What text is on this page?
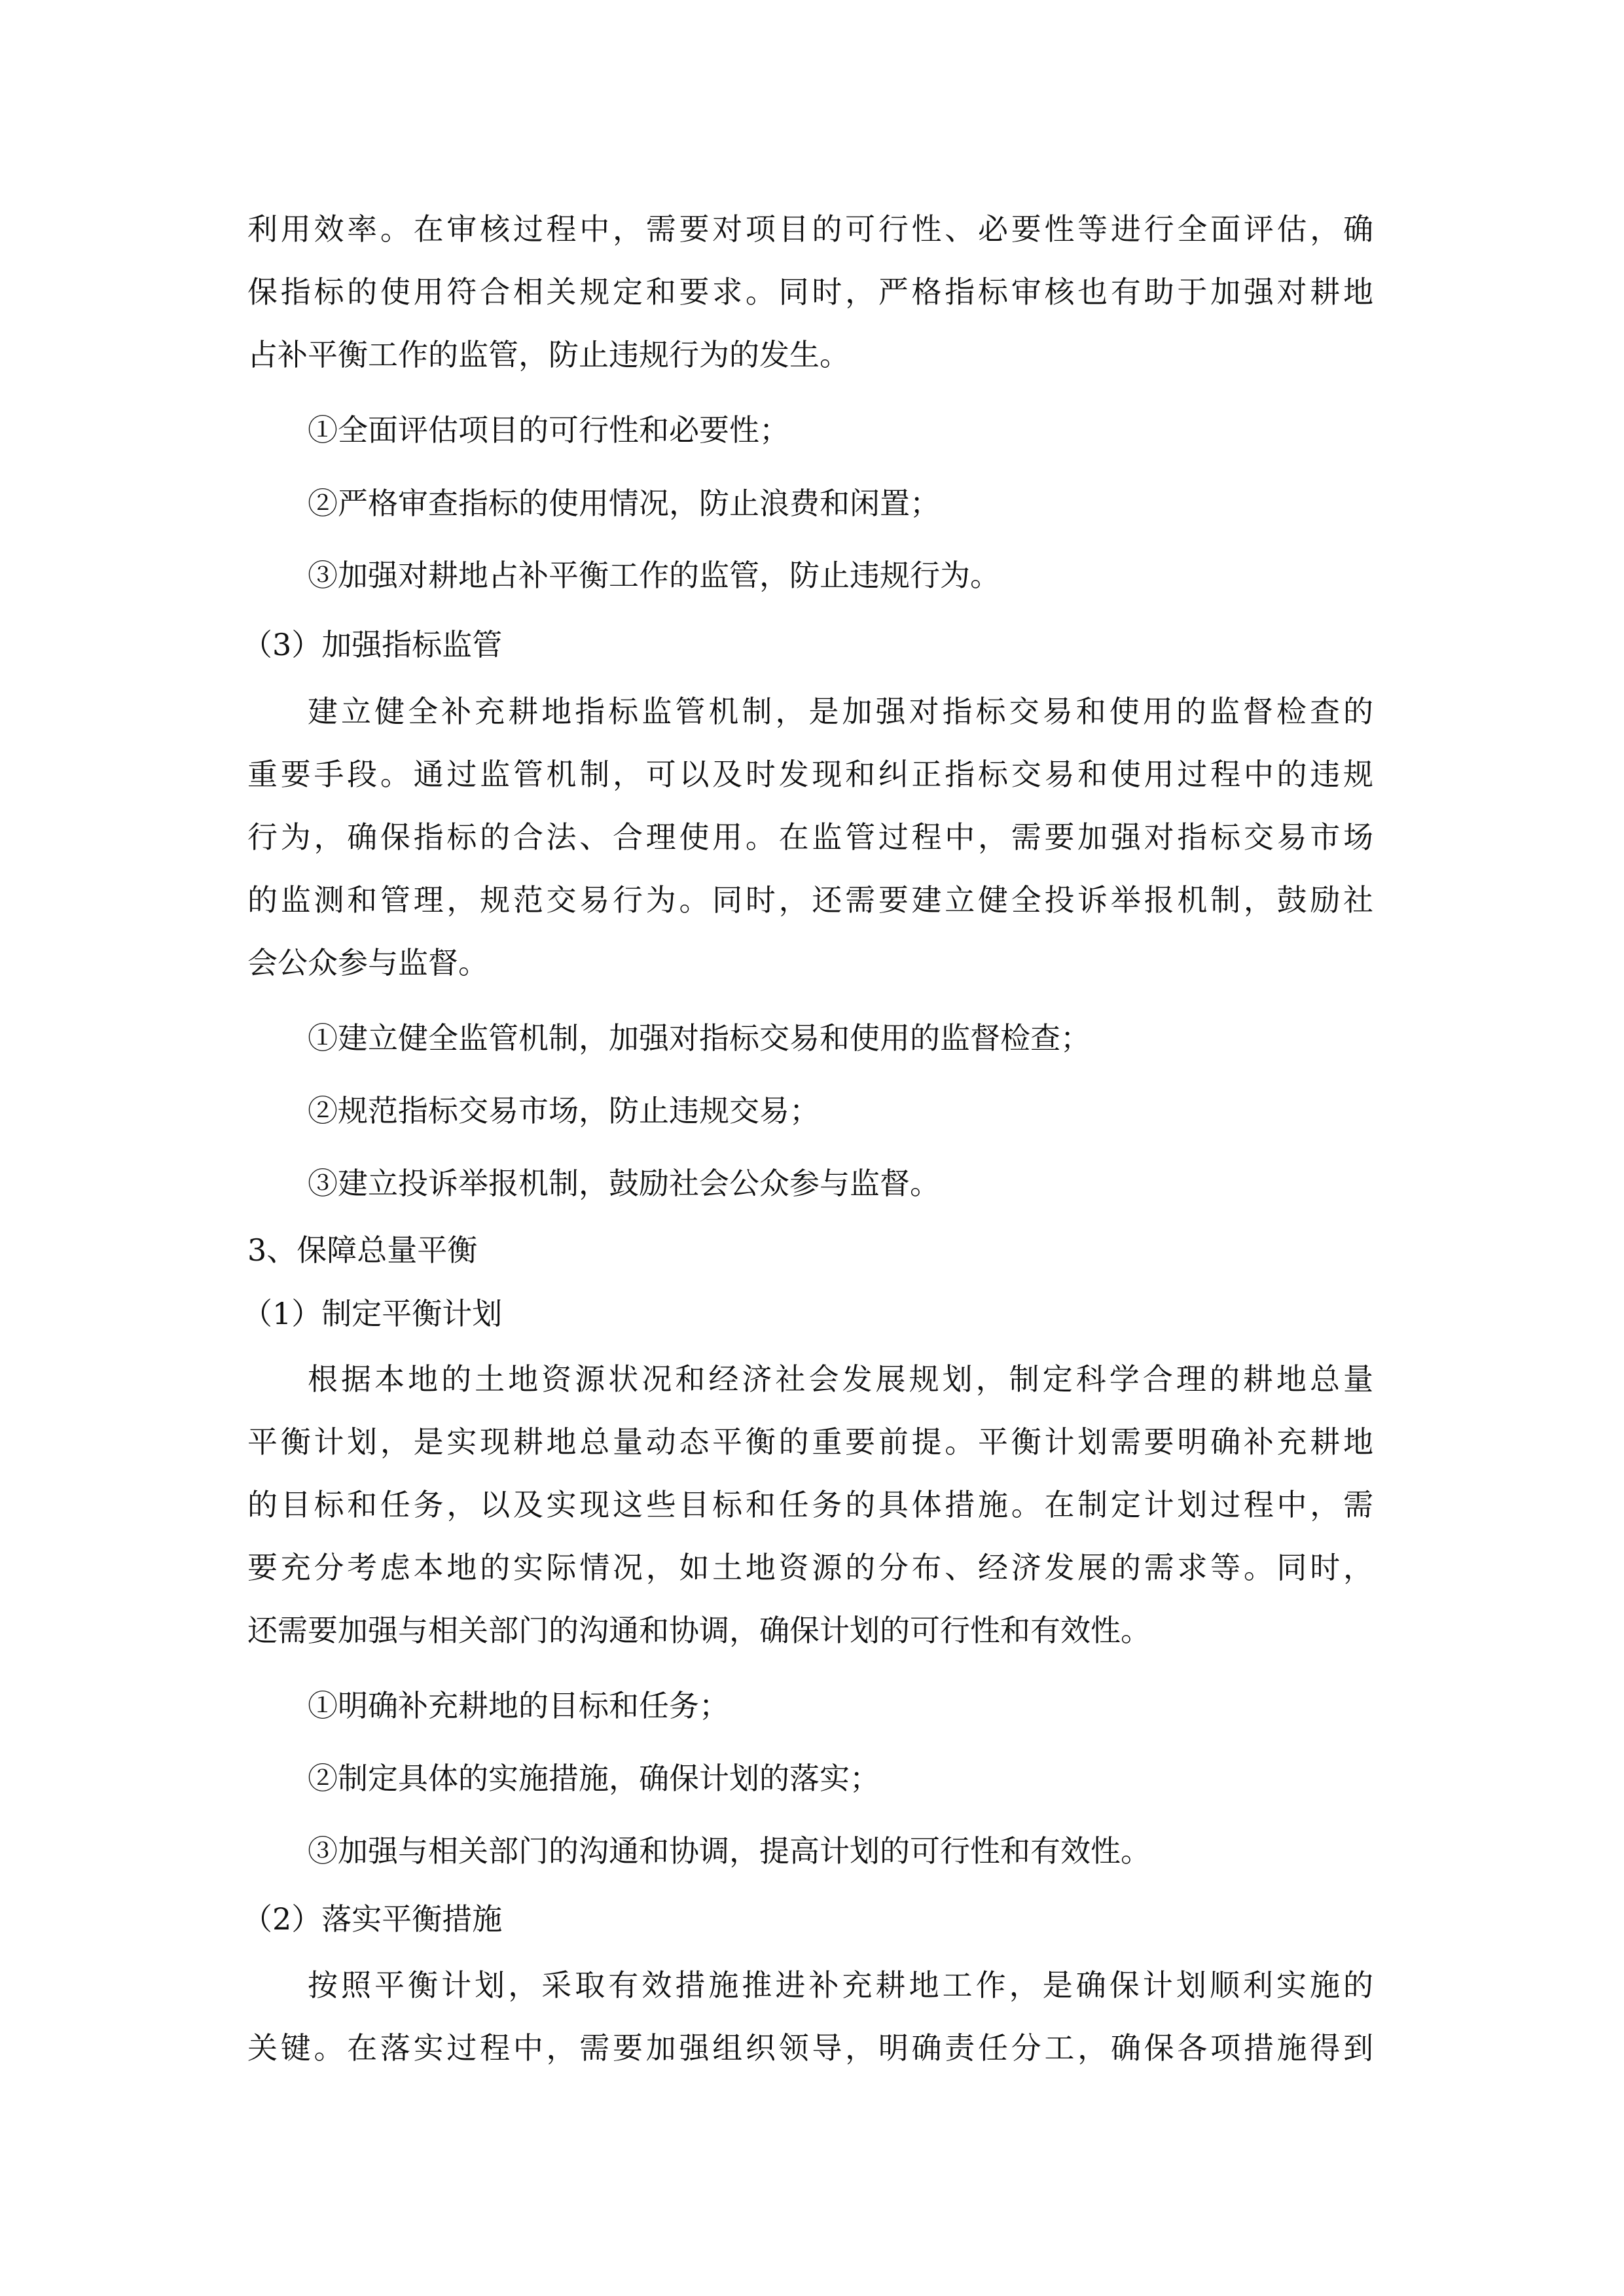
利用效率。在审核过程中，需要对项目的可行性、必要性等进行全面评估，确

保指标的使用符合相关规定和要求。同时，严格指标审核也有助于加强对耕地

占补平衡工作的监管，防止违规行为的发生。

①全面评估项目的可行性和必要性；

②严格审查指标的使用情况，防止浪费和闲置；

③加强对耕地占补平衡工作的监管，防止违规行为。

（3）加强指标监管

建立健全补充耕地指标监管机制，是加强对指标交易和使用的监督检查的

重要手段。通过监管机制，可以及时发现和纠正指标交易和使用过程中的违规

行为，确保指标的合法、合理使用。在监管过程中，需要加强对指标交易市场

的监测和管理，规范交易行为。同时，还需要建立健全投诉举报机制，鼓励社

会公众参与监督。

①建立健全监管机制，加强对指标交易和使用的监督检查；

②规范指标交易市场，防止违规交易；

③建立投诉举报机制，鼓励社会公众参与监督。

3、保障总量平衡

（1）制定平衡计划

根据本地的土地资源状况和经济社会发展规划，制定科学合理的耕地总量

平衡计划，是实现耕地总量动态平衡的重要前提。平衡计划需要明确补充耕地

的目标和任务，以及实现这些目标和任务的具体措施。在制定计划过程中，需

要充分考虑本地的实际情况，如土地资源的分布、经济发展的需求等。同时，

还需要加强与相关部门的沟通和协调，确保计划的可行性和有效性。

①明确补充耕地的目标和任务；

②制定具体的实施措施，确保计划的落实；

③加强与相关部门的沟通和协调，提高计划的可行性和有效性。

（2）落实平衡措施

按照平衡计划，采取有效措施推进补充耕地工作，是确保计划顺利实施的

关键。在落实过程中，需要加强组织领导，明确责任分工，确保各项措施得到
